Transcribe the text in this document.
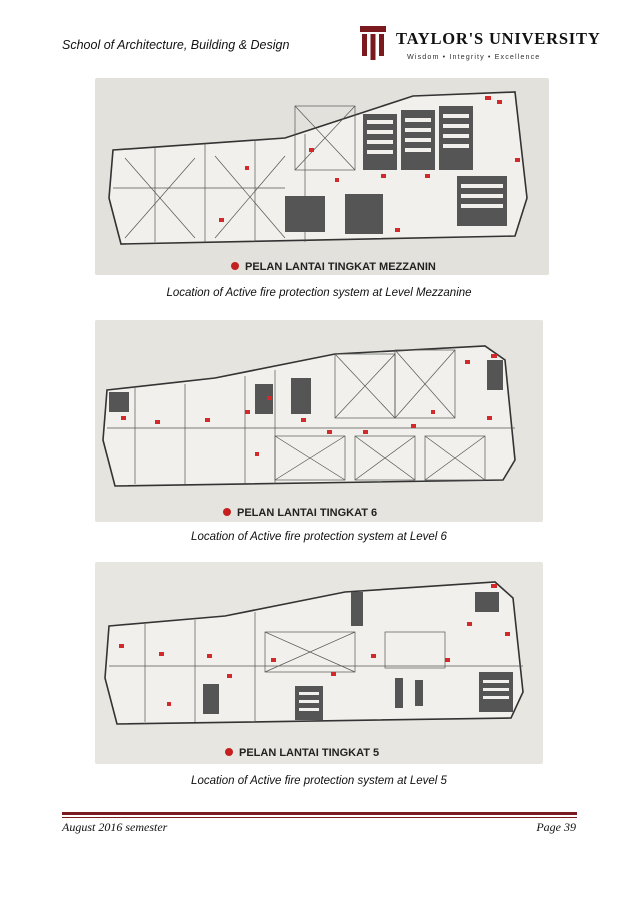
School of Architecture, Building & Design	TAYLOR'S UNIVERSITY
Wisdom • Integrity • Excellence
PELAN LANTAI TINGKAT MEZZANIN
Location of Active fire protection system at Level Mezzanine
PELAN LANTAI TINGKAT 6
Location of Active fire protection system at Level 6
PELAN LANTAI TINGKAT 5
Location of Active fire protection system at Level 5
August 2016 semester	Page 39
